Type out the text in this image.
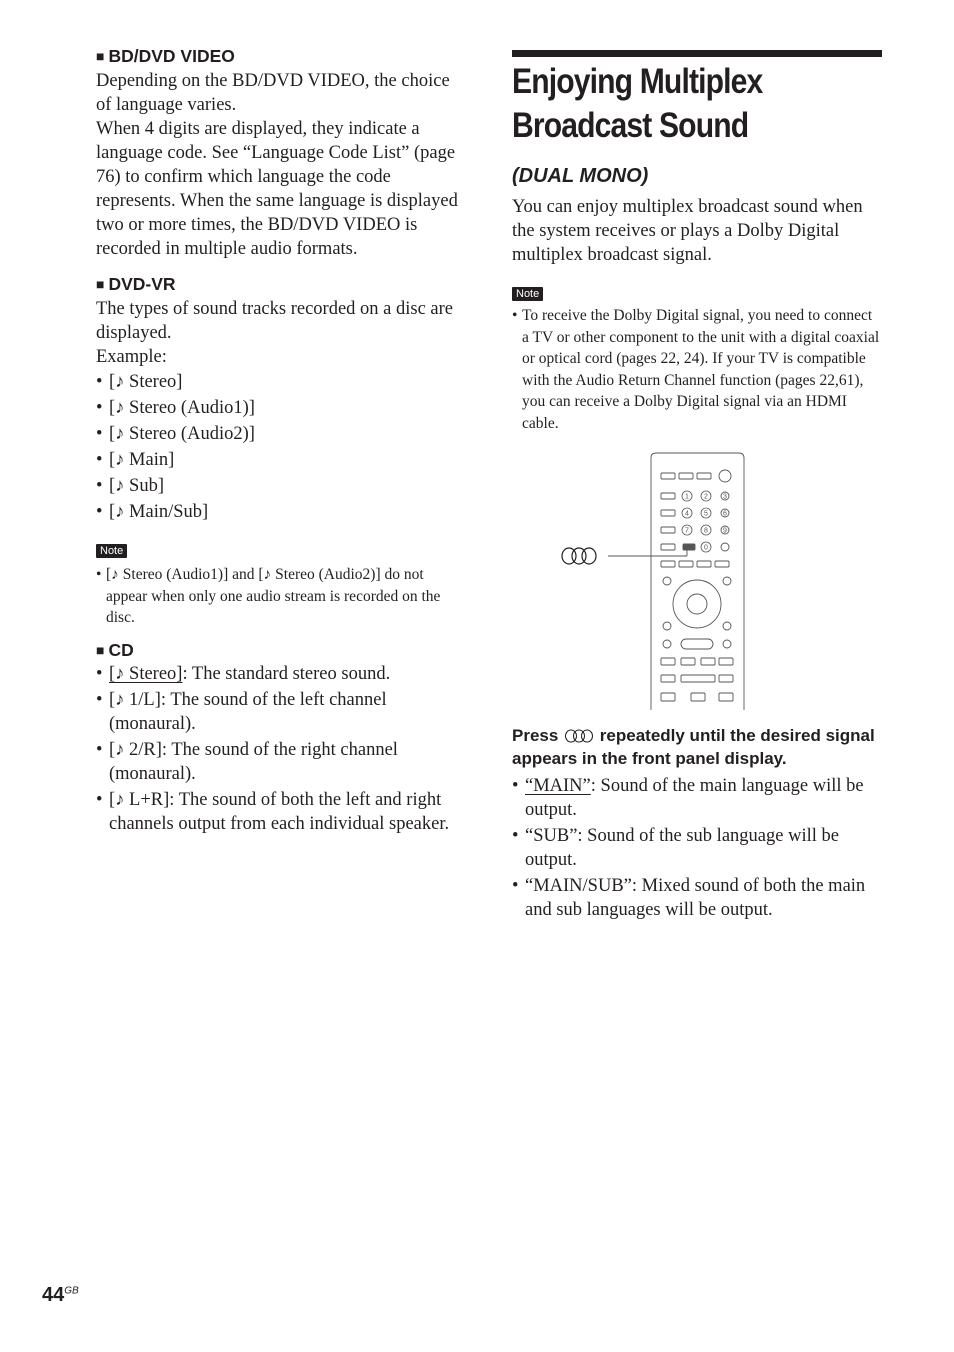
■ BD/DVD VIDEO

Depending on the BD/DVD VIDEO, the choice of language varies.

When 4 digits are displayed, they indicate a language code. See “Language Code List” (page 76) to confirm which language the code represents. When the same language is displayed two or more times, the BD/DVD VIDEO is recorded in multiple audio formats.

■ DVD-VR

The types of sound tracks recorded on a disc are displayed.

Example:

• [♪ Stereo]
• [♪ Stereo (Audio1)]
• [♪ Stereo (Audio2)]
• [♪ Main]
• [♪ Sub]
• [♪ Main/Sub]
Note

• [♪ Stereo (Audio1)] and [♪ Stereo (Audio2)] do not appear when only one audio stream is recorded on the disc.

■ CD
• [♪ Stereo]: The standard stereo sound.
• [♪ 1/L]: The sound of the left channel (monaural).
• [♪ 2/R]: The sound of the right channel (monaural).
• [♪ L+R]: The sound of both the left and right channels output from each individual speaker.
Enjoying Multiplex
Broadcast Sound
(DUAL MONO)

You can enjoy multiplex broadcast sound when the system receives or plays a Dolby Digital multiplex broadcast signal.

Note

• To receive the Dolby Digital signal, you need to connect a TV or other component to the unit with a digital coaxial or optical cord (pages 22, 24). If your TV is compatible with the Audio Return Channel function (pages 22,61), you can receive a Dolby Digital signal via an HDMI cable.

1 2 3
4 5 6
7 8 9
0

Press repeatedly until the desired signal appears in the front panel display.

• “MAIN”: Sound of the main language will be output.
• “SUB”: Sound of the sub language will be output.
• “MAIN/SUB”: Mixed sound of both the main and sub languages will be output.
$44^{GB}$
